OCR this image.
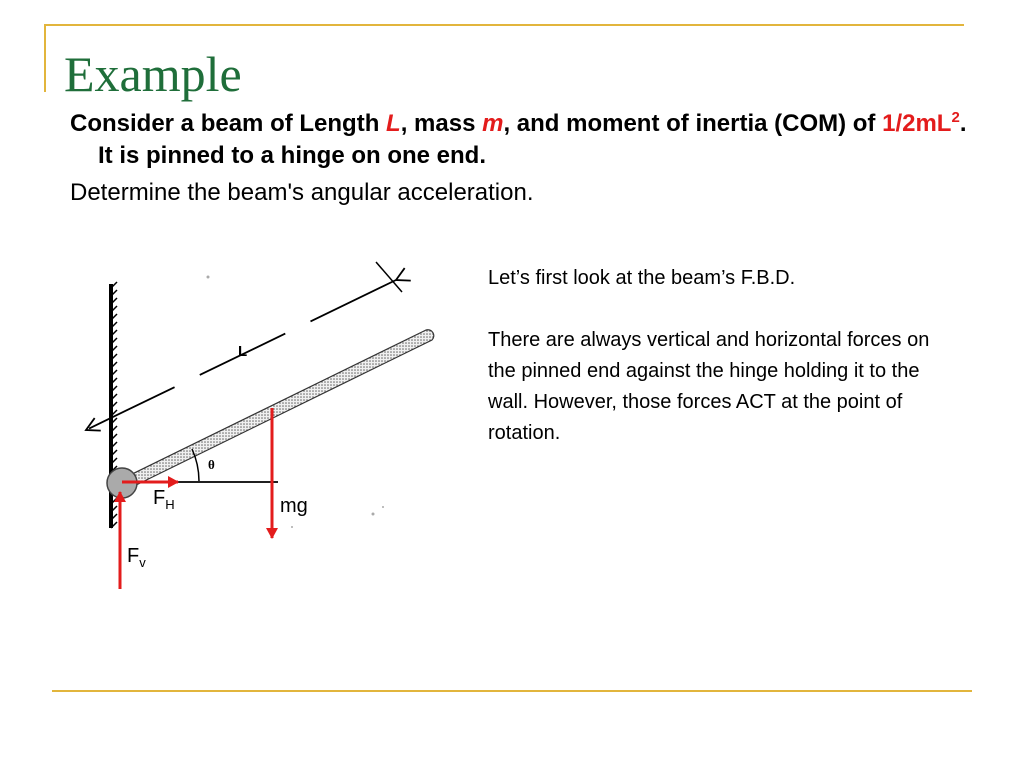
Example
Consider a beam of Length L, mass m, and moment of inertia (COM) of $1/2mL^2$. It is pinned to a hinge on one end.
Determine the beam's angular acceleration.
L
θ
$F_H$	mg
$F_v$

Let’s first look at the beam’s F.B.D.

There are always vertical and horizontal forces on the pinned end against the hinge holding it to the wall. However, those forces ACT at the point of rotation.
